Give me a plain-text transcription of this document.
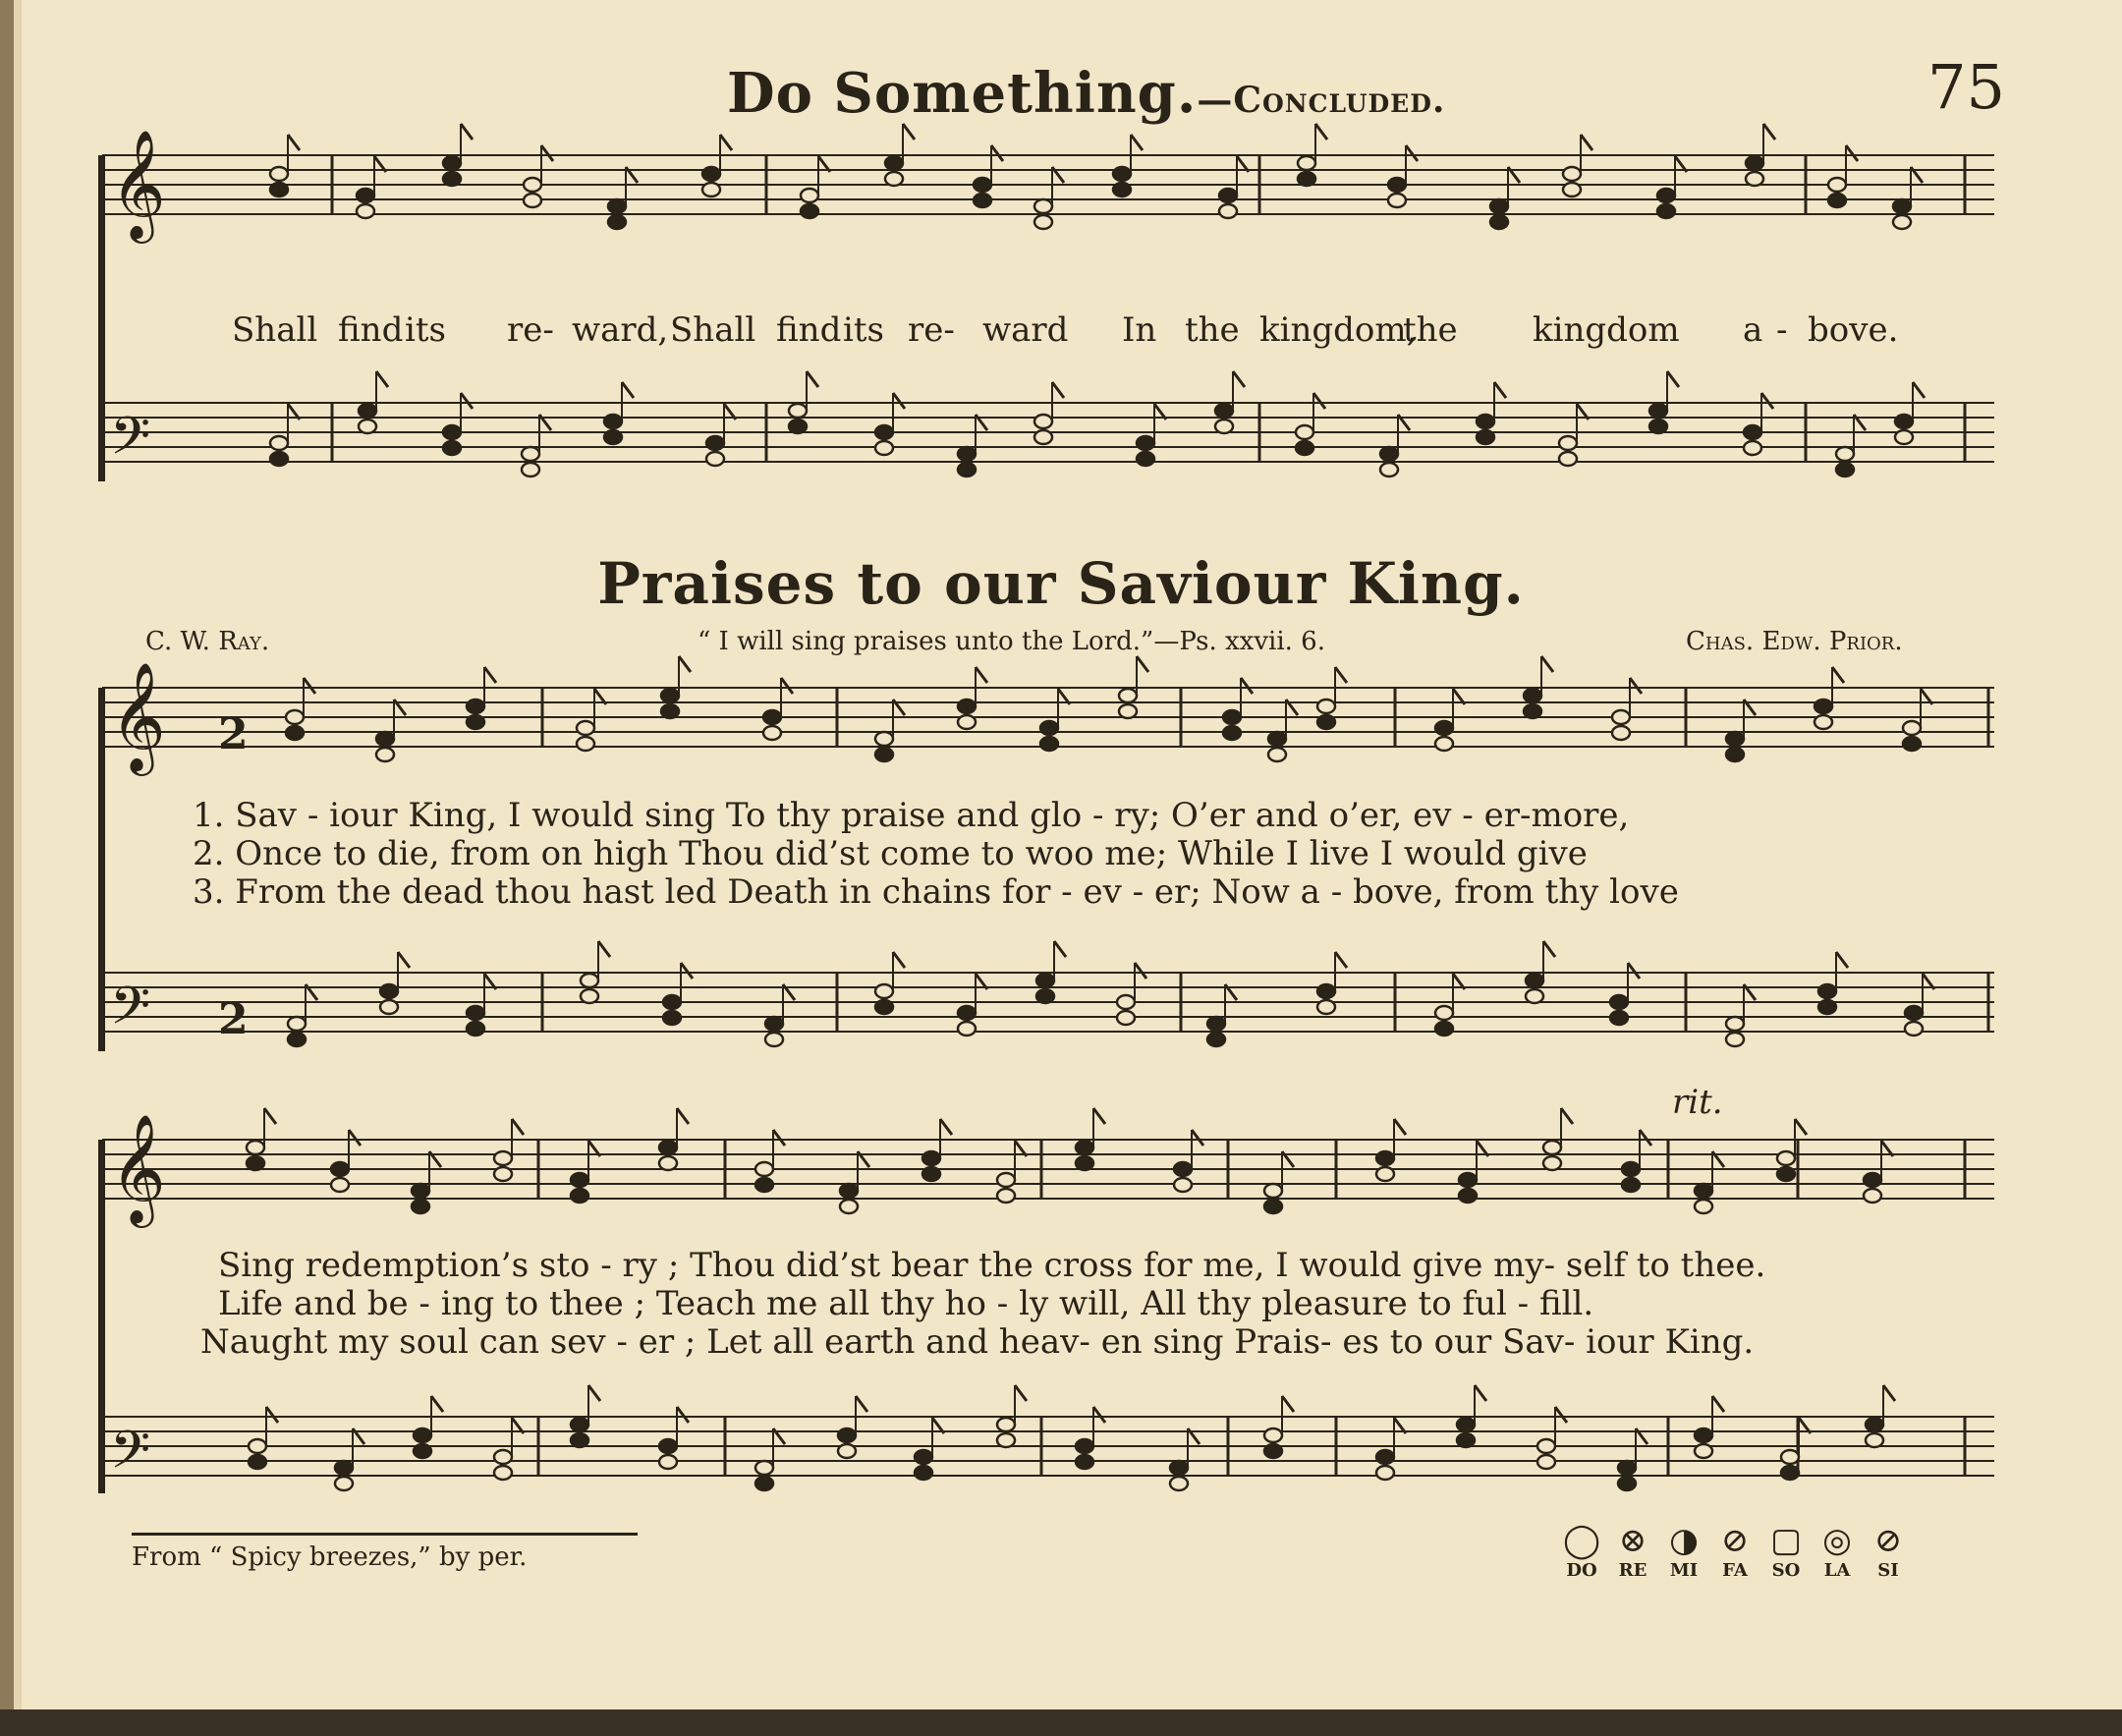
Do Something.—Concluded.	75
𝄞
𝄢
𝄞
𝄢
2
2
𝄞
𝄢
Shall find its re- ward, Shall find its re- ward In the kingdom,
the kingdom a - bove.
Praises to our Saviour King.
C. W. Ray.	“ I will sing praises unto the Lord.”—Ps. xxvii. 6.	Chas. Edw. Prior.
1. Sav - iour King, I would sing To thy praise and glo - ry; O’er and o’er, ev - er-more,
2. Once to die, from on high Thou did’st come to woo me; While I live I would give
3. From the dead thou hast led Death in chains for - ev - er; Now a - bove, from thy love
rit.
Sing redemption’s sto - ry ; Thou did’st bear the cross for me, I would give my- self to thee.
Life and be - ing to thee ; Teach me all thy ho - ly will, All thy pleasure to ful - fill.
Naught my soul can sev - er ; Let all earth and heav- en sing Prais- es to our Sav- iour King.
From “ Spicy breezes,” by per.	◯ ⊗ ◑ ⊘ ▢ ◎ ⊘
DO RE MI FA SO LA SI
